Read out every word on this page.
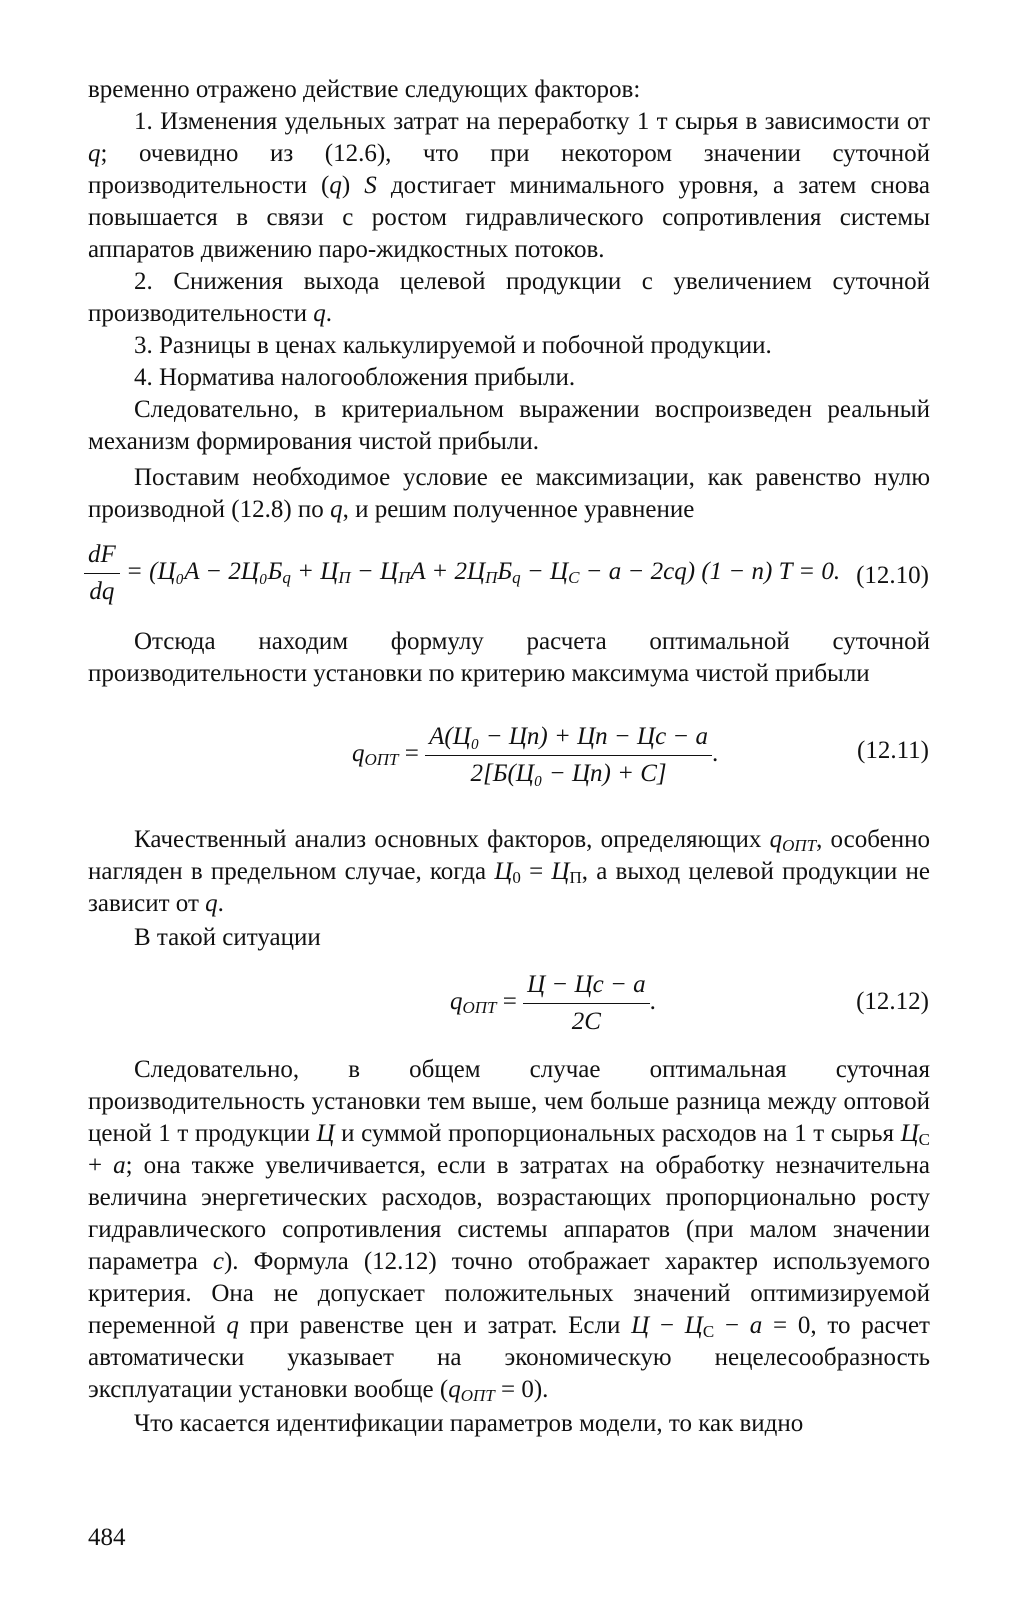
временно отражено действие следующих факторов:

1. Изменения удельных затрат на переработку 1 т сырья в зависимости от q; очевидно из (12.6), что при некотором значении суточной производительности (q) S достигает минимального уровня, а затем снова повышается в связи с ростом гидравлического сопротивления системы аппаратов движению паро-жидкостных потоков.

2. Снижения выхода целевой продукции с увеличением суточной производительности q.

3. Разницы в ценах калькулируемой и побочной продукции.

4. Норматива налогообложения прибыли.

Следовательно, в критериальном выражении воспроизведен реальный механизм формирования чистой прибыли.

Поставим необходимое условие ее максимизации, как равенство нулю производной (12.8) по q, и решим полученное уравнение

$\frac{dF}{dq} = (Ц_0A - 2Ц_0Б_q + Ц_П - Ц_ПA + 2Ц_ПБ_q - Ц_C - a - 2cq) (1 - n) T = 0$. (12.10)

Отсюда находим формулу расчета оптимальной суточной производительности установки по критерию максимума чистой прибыли

$q_{ОПТ} = \frac{\text{A(Ц₀ − Цп) + Цп − Цс − a}}{\text{2[Б(Ц₀ − Цп) + C]}}$ .	(12.11)

Качественный анализ основных факторов, определяющих $q_{ОПТ}$, особенно нагляден в предельном случае, когда $Ц_0 = Ц_П$, а выход целевой продукции не зависит от q.

В такой ситуации

$q_{ОПТ} = \frac{Ц - Цс - a}{2C}$ .	(12.12)

Следовательно, в общем случае оптимальная суточная производительность установки тем выше, чем больше разница между оптовой ценой 1 т продукции Ц и суммой пропорциональных расходов на 1 т сырья $Ц_С + a$; она также увеличивается, если в затратах на обработку незначительна величина энергетических расходов, возрастающих пропорционально росту гидравлического сопротивления системы аппаратов (при малом значении параметра c). Формула (12.12) точно отображает характер используемого критерия. Она не допускает положительных значений оптимизируемой переменной q при равенстве цен и затрат. Если $Ц - Ц_С - a = 0$, то расчет автоматически указывает на экономическую нецелесообразность эксплуатации установки вообще $(q_{ОПТ} = 0)$.

Что касается идентификации параметров модели, то как видно

484
